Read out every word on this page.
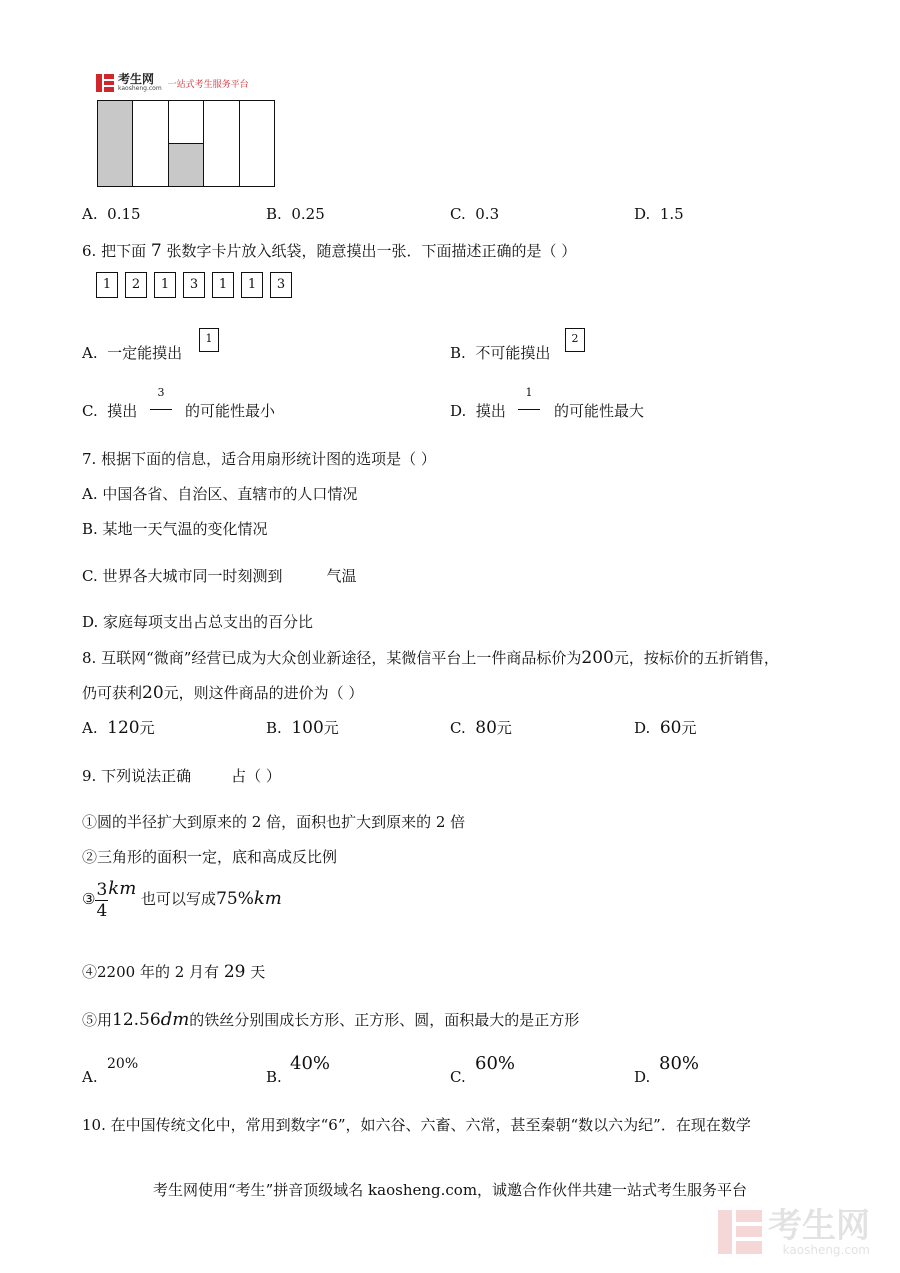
考生网
kaosheng.com 一站式考生服务平台
A. 0.15	B. 0.25	C. 0.3	D. 1.5
6. 把下面 7 张数字卡片放入纸袋，随意摸出一张．下面描述正确的是（ ）
1 2 1 3 1 1 3
A. 一定能摸出
1
B. 不可能摸出
2
C. 摸出
3
的可能性最小	D. 摸出
1
的可能性最大
7. 根据下面的信息，适合用扇形统计图的选项是（ ）
A. 中国各省、自治区、直辖市的人口情况
B. 某地一天气温的变化情况
C. 世界各大城市同一时刻测到	气温
D. 家庭每项支出占总支出的百分比
8. 互联网“微商”经营已成为大众创业新途径，某微信平台上一件商品标价为200元，按标价的五折销售，
仍可获利20元，则这件商品的进价为（ ）
A. 120元	B. 100元	C. 80元	D. 60元
9. 下列说法正确	占（ ）
①圆的半径扩大到原来的 2 倍，面积也扩大到原来的 2 倍
②三角形的面积一定，底和高成反比例
③ $\frac{3}{4}$ km 也可以写成75%km
④2200 年的 2 月有 29 天
⑤用12.56dm的铁丝分别围成长方形、正方形、圆，面积最大的是正方形
A.
20%
B.
40%
C.
60%
D.
80%
10. 在中国传统文化中，常用到数字“6”，如六谷、六畜、六常，甚至秦朝“数以六为纪”．在现在数学
考生网使用“考生”拼音顶级域名 kaosheng.com，诚邀合作伙伴共建一站式考生服务平台
考生网
kaosheng.com
